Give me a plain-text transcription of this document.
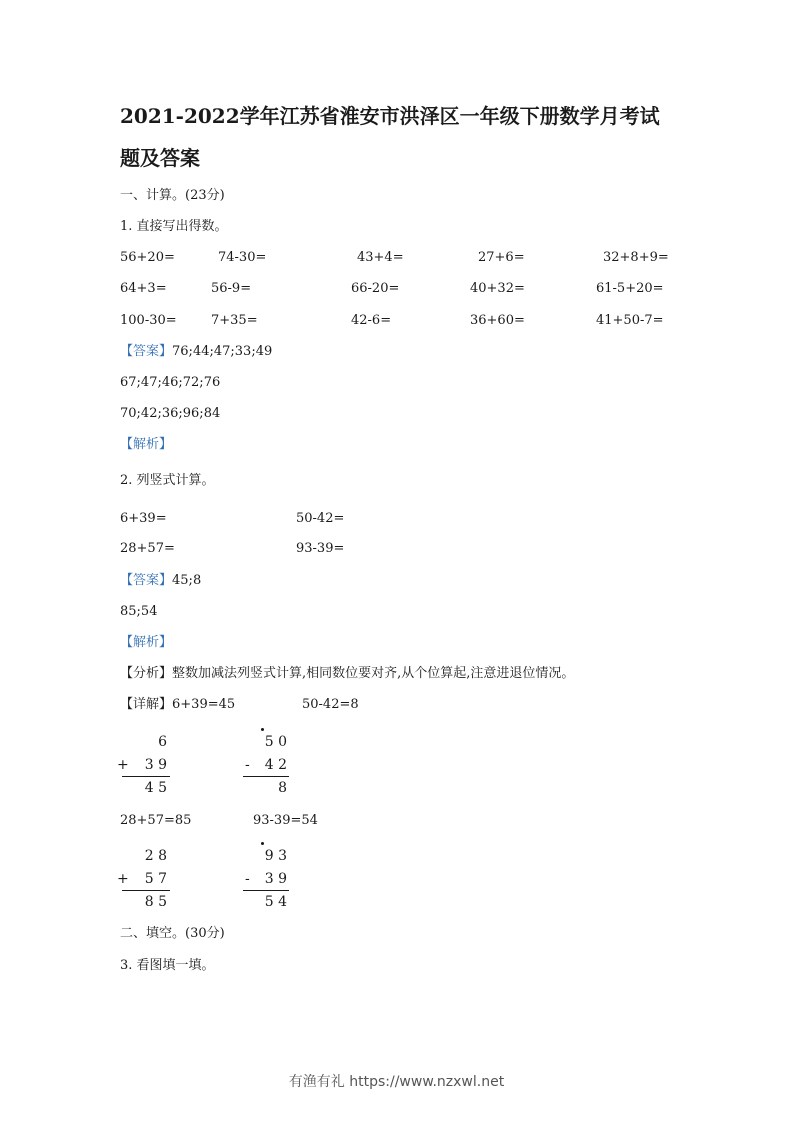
2021-2022学年江苏省淮安市洪泽区一年级下册数学月考试
题及答案
一、计算。(23分)
1. 直接写出得数。
56+20=	74-30=	43+4=	27+6=	32+8+9=
64+3=	56-9=	66-20=	40+32=	61-5+20=
100-30=	7+35=	42-6=	36+60=	41+50-7=
【答案】76;44;47;33;49
67;47;46;72;76
70;42;36;96;84
【解析】
2. 列竖式计算。
6+39=	50-42=
28+57=	93-39=
【答案】45;8
85;54
【解析】
【分析】整数加减法列竖式计算,相同数位要对齐,从个位算起,注意进退位情况。
【详解】6+39=45	50-42=8
6
+	3 9
4 5
5 0
-	4 2
8
28+57=85	93-39=54
2 8
+	5 7
8 5
9 3
-	3 9
5 4
二、填空。(30分)
3. 看图填一填。
有渔有礼 https://www.nzxwl.net
